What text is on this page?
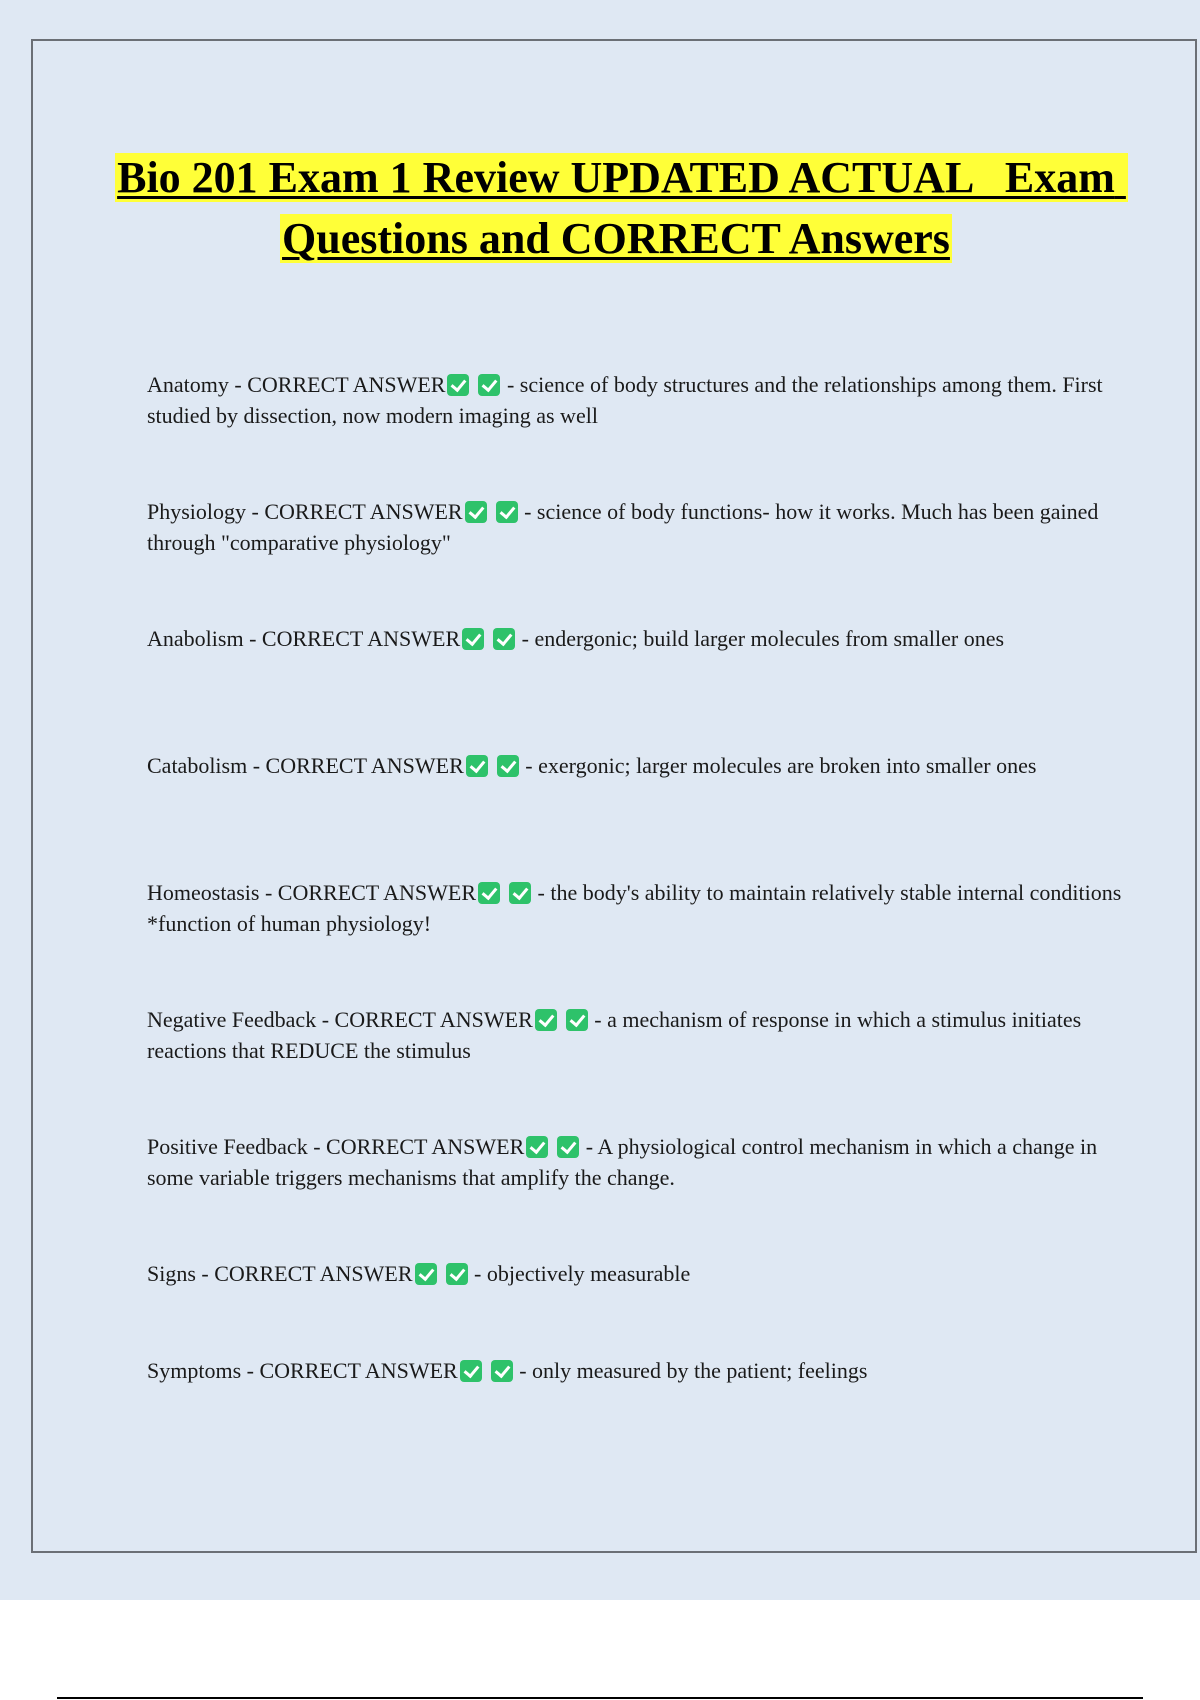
Bio 201 Exam 1 Review UPDATED ACTUAL   Exam Questions and CORRECT Answers

Anatomy - CORRECT ANSWER	- science of body structures and the relationships among them. First studied by dissection, now modern imaging as well

Physiology - CORRECT ANSWER	- science of body functions- how it works. Much has been gained through "comparative physiology"

Anabolism - CORRECT ANSWER	- endergonic; build larger molecules from smaller ones

Catabolism - CORRECT ANSWER	- exergonic; larger molecules are broken into smaller ones

Homeostasis - CORRECT ANSWER	- the body's ability to maintain relatively stable internal conditions *function of human physiology!

Negative Feedback - CORRECT ANSWER	- a mechanism of response in which a stimulus initiates reactions that REDUCE the stimulus

Positive Feedback - CORRECT ANSWER	- A physiological control mechanism in which a change in some variable triggers mechanisms that amplify the change.

Signs - CORRECT ANSWER	- objectively measurable

Symptoms - CORRECT ANSWER	- only measured by the patient; feelings
